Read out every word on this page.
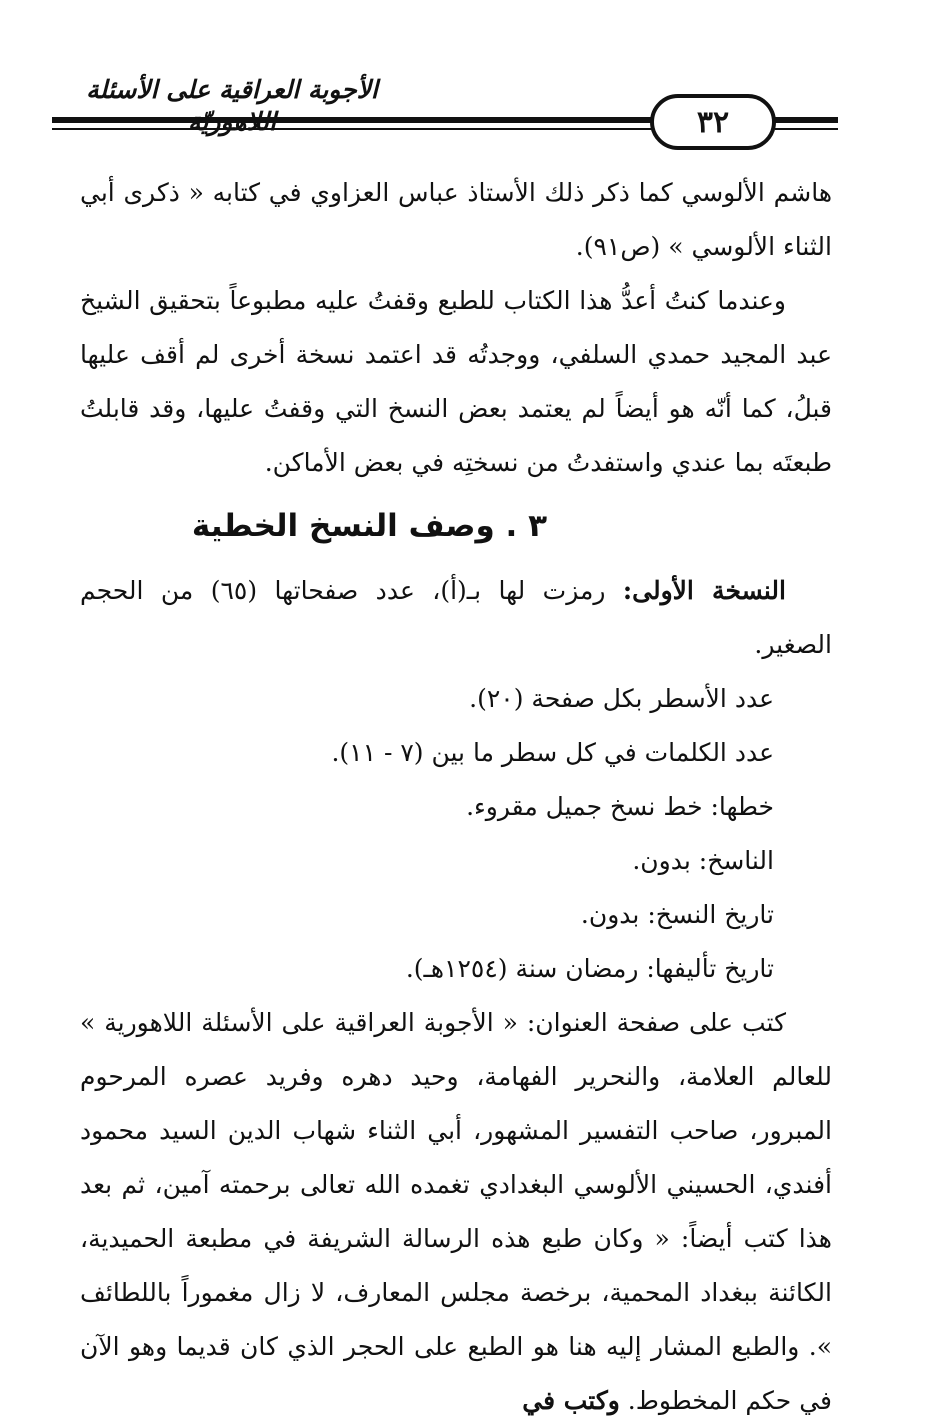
الأجوبة العراقية على الأسئلة
٣٢

هاشم الألوسي كما ذكر ذلك الأستاذ عباس العزاوي في كتابه « ذكرى أبي الثناء الألوسي » (ص٩١).

وعندما كنتُ أعدُّ هذا الكتاب للطبع وقفتُ عليه مطبوعاً بتحقيق الشيخ عبد المجيد حمدي السلفي، ووجدتُه قد اعتمد نسخة أخرى لم أقف عليها قبلُ، كما أنّه هو أيضاً لم يعتمد بعض النسخ التي وقفتُ عليها، وقد قابلتُ طبعتَه بما عندي واستفدتُ من نسختِه في بعض الأماكن.

٣ . وصف النسخ الخطية

النسخة الأولى: رمزت لها بـ(أ)، عدد صفحاتها (٦٥) من الحجم الصغير.

عدد الأسطر بكل صفحة (٢٠).

عدد الكلمات في كل سطر ما بين (٧ - ١١).

خطها: خط نسخ جميل مقروء.

الناسخ: بدون.

تاريخ النسخ: بدون.

تاريخ تأليفها: رمضان سنة (١٢٥٤هـ).

كتب على صفحة العنوان: « الأجوبة العراقية على الأسئلة اللاهورية » للعالم العلامة، والنحرير الفهامة، وحيد دهره وفريد عصره المرحوم المبرور، صاحب التفسير المشهور، أبي الثناء شهاب الدين السيد محمود أفندي، الحسيني الألوسي البغدادي تغمده الله تعالى برحمته آمين، ثم بعد هذا كتب أيضاً: « وكان طبع هذه الرسالة الشريفة في مطبعة الحميدية، الكائنة ببغداد المحمية، برخصة مجلس المعارف، لا زال مغموراً باللطائف ». والطبع المشار إليه هنا هو الطبع على الحجر الذي كان قديما وهو الآن في حكم المخطوط. وكتب في
